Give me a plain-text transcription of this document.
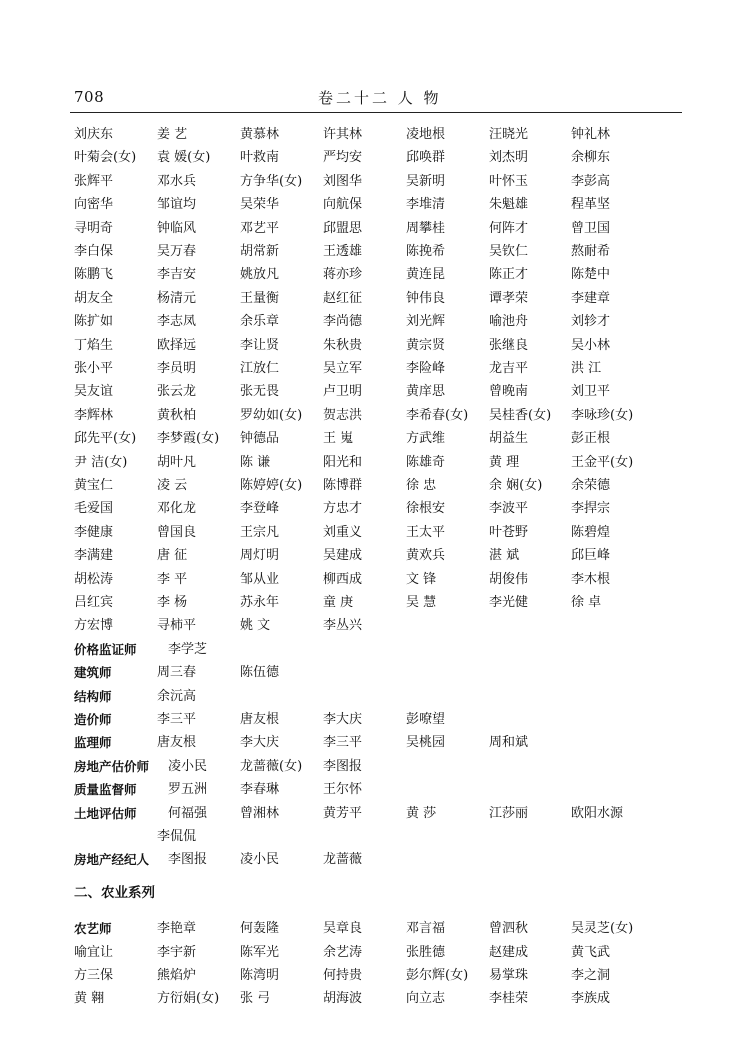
708	卷二十二 人 物
刘庆东	姜 艺	黄慕林	许其林	凌地根	汪晓光	钟礼林
叶菊会(女) 袁 媛(女) 叶救南	严均安	邱唤群	刘杰明	余柳东
张辉平	邓水兵	方争华(女) 刘图华	吴新明	叶怀玉	李彭高
向密华	邹谊均	吴荣华	向航保	李堆清	朱魁雄	程革坚
寻明奇	钟临风	邓艺平	邱盟思	周攀桂	何阵才	曾卫国
李白保	吴万春	胡常新	王透雄	陈挽希	吴钦仁	熬耐希
陈鹏飞	李吉安	姚放凡	蒋亦珍	黄连昆	陈正才	陈楚中
胡友全	杨清元	王量衡	赵红征	钟伟良	谭孝荣	李建章
陈扩如	李志凤	余乐章	李尚德	刘光辉	喻池舟	刘轸才
丁焰生	欧择远	李让贤	朱秋贵	黄宗贤	张继良	吴小林
张小平	李员明	江放仁	吴立军	李险峰	龙吉平	洪 江
吴友谊	张云龙	张无畏	卢卫明	黄庠思	曾晚南	刘卫平
李辉林	黄秋柏	罗幼如(女) 贺志洪	李希春(女) 吴桂香(女) 李咏珍(女)
邱先平(女) 李梦霞(女) 钟德品	王 嵬	方武维	胡益生	彭正根
尹 洁(女) 胡叶凡	陈 谦	阳光和	陈雄奇	黄 理	王金平(女)
黄宝仁	凌 云	陈婷婷(女) 陈博群	徐 忠	余 娴(女) 余荣德
毛爱国	邓化龙	李登峰	方忠才	徐根安	李波平	李捍宗
李健康	曾国良	王宗凡	刘重义	王太平	叶苍野	陈碧煌
李满建	唐 征	周灯明	吴建成	黄欢兵	湛 斌	邱巨峰
胡松涛	李 平	邹从业	柳西成	文 锋	胡俊伟	李木根
吕红宾	李 杨	苏永年	童 庚	吴 慧	李光健	徐 卓
方宏博	寻柿平	姚 文	李丛兴
价格监证师 李学芝
建筑师	周三春	陈伍德
结构师	余沅高
造价师	李三平	唐友根	李大庆	彭嘹望
监理师	唐友根	李大庆	李三平	吴桃园	周和斌
房地产估价师 凌小民	龙蔷薇(女) 李图报
质量监督师 罗五洲	李春琳	王尔怀
土地评估师 何福强	曾湘林	黄芳平	黄 莎	江莎丽	欧阳水源
李侃侃
房地产经纪人 李图报	凌小民	龙蔷薇
二、农业系列
农艺师	李艳章	何轰隆	吴章良	邓言福	曾泗秋	吴灵芝(女)
喻宜让	李宇新	陈军光	余艺涛	张胜德	赵建成	黄飞武
方三保	熊焰炉	陈湾明	何持贵	彭尔辉(女) 易掌珠	李之洞
黄 翱	方衍娟(女) 张 弓	胡海波	向立志	李桂荣	李族成
